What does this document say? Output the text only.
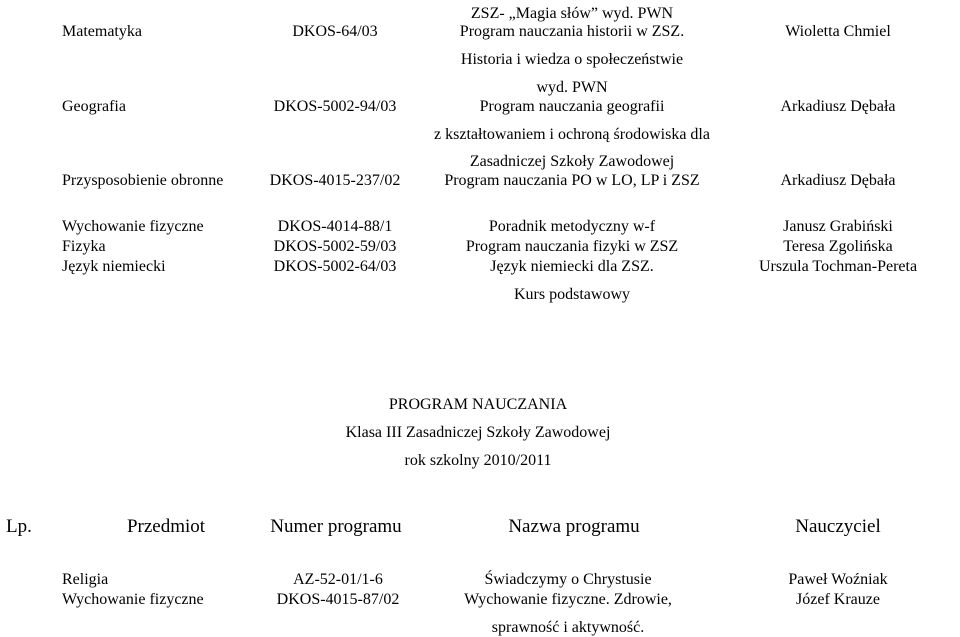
ZSZ- „Magia słów” wyd. PWN
Matematyka	DKOS-64/03	Program nauczania historii w ZSZ.	Wioletta Chmiel
Historia i wiedza o społeczeństwie
wyd. PWN
Geografia	DKOS-5002-94/03	Program nauczania geografii	Arkadiusz Dębała
z kształtowaniem i ochroną środowiska dla
Zasadniczej Szkoły Zawodowej
Przysposobienie obronne	DKOS-4015-237/02	Program nauczania PO w LO, LP i ZSZ	Arkadiusz Dębała
Wychowanie fizyczne	DKOS-4014-88/1	Poradnik metodyczny w-f	Janusz Grabiński
Fizyka	DKOS-5002-59/03	Program nauczania fizyki w ZSZ	Teresa Zgolińska
Język niemiecki	DKOS-5002-64/03	Język niemiecki dla ZSZ.	Urszula Tochman-Pereta
Kurs podstawowy
PROGRAM NAUCZANIA
Klasa III Zasadniczej Szkoły Zawodowej
rok szkolny 2010/2011
Lp.	Przedmiot	Numer programu	Nazwa programu	Nauczyciel
Religia	AZ-52-01/1-6	Świadczymy o Chrystusie	Paweł Woźniak
Wychowanie fizyczne	DKOS-4015-87/02	Wychowanie fizyczne. Zdrowie,	Józef Krauze
sprawność i aktywność.
